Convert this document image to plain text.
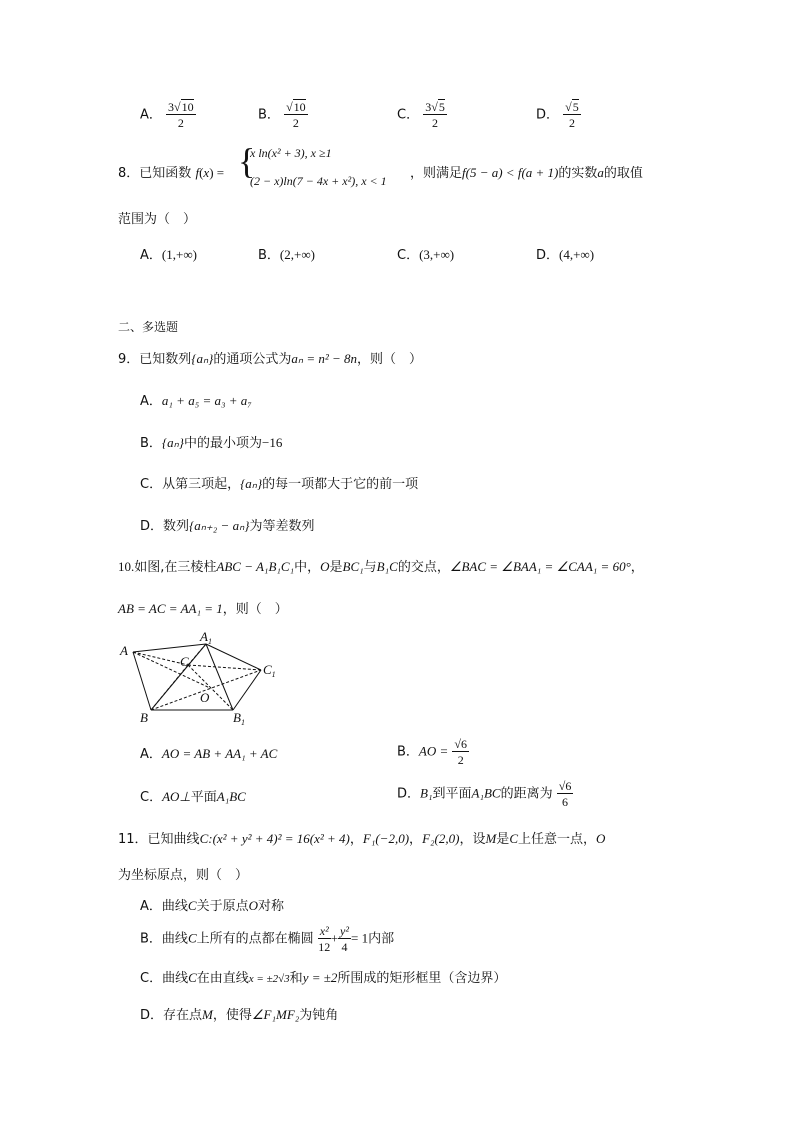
A． $\frac{3√10}{2}$	B． $\frac{√10}{2}$	C． $\frac{3√5}{2}$	D． $\frac{√5}{2}$
8．已知函数 f(x) = {
x ln(x² + 3), x ≥1
(2 − x)ln(7 − 4x + x²), x < 1 ，则满足f(5 − a) < f(a + 1)的实数a的取值
范围为（　）
A．(1,+∞)	B．(2,+∞)	C．(3,+∞)	D．(4,+∞)
二、多选题
9．已知数列{aₙ}的通项公式为aₙ = n² − 8n，则（　）
A．a₁ + a₅ = a₃ + a₇
B．{aₙ}中的最小项为−16
C．从第三项起，{aₙ}的每一项都大于它的前一项
D．数列{aₙ₊₂ − aₙ}为等差数列
10.如图,在三棱柱ABC − A₁B₁C₁中，O是BC₁与B₁C的交点，∠BAC = ∠BAA₁ = ∠CAA₁ = 60°，
AB = AC = AA₁ = 1，则（　）
A
$A_1$
C
$C_1$
O
B	$B_1$
A．AO = AB + AA₁ + AC	B．AO = $\frac{√6}{2}$
C．AO⊥平面A₁BC	D．B₁到平面A₁BC的距离为 $\frac{√6}{6}$
11．已知曲线C:(x² + y² + 4)² = 16(x² + 4)，F₁(−2,0)，F₂(2,0)，设M是C上任意一点，O
为坐标原点，则（　）
A．曲线C关于原点O对称
B．曲线C上所有的点都在椭圆 $\frac{\text{x²}}{12} + \frac{\text{y²}}{4} = 1$内部
C．曲线C在由直线x = ±2√3和y = ±2所围成的矩形框里（含边界）
D．存在点M，使得∠F₁MF₂为钝角
